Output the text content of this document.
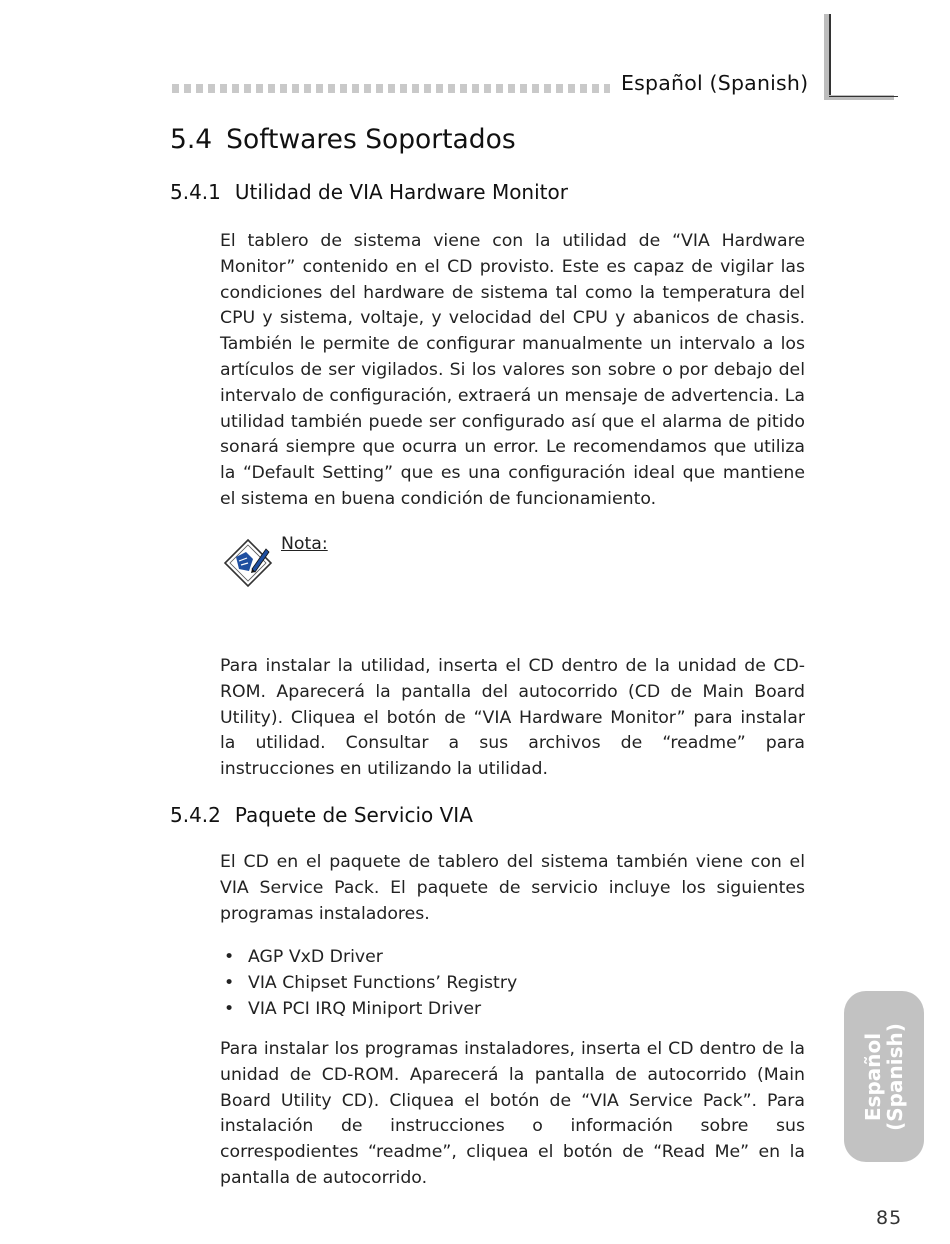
Español (Spanish)
5.4 Softwares Soportados
5.4.1 Utilidad de VIA Hardware Monitor

El tablero de sistema viene con la utilidad de “VIA Hardware Monitor” contenido en el CD provisto. Este es capaz de vigilar las condiciones del hardware de sistema tal como la temperatura del CPU y sistema, voltaje, y velocidad del CPU y abanicos de chasis. También le permite de configurar manualmente un intervalo a los artículos de ser vigilados. Si los valores son sobre o por debajo del intervalo de configuración, extraerá un mensaje de advertencia. La utilidad también puede ser configurado así que el alarma de pitido sonará siempre que ocurra un error. Le recomendamos que utiliza la “Default Setting” que es una configuración ideal que mantiene el sistema en buena condición de funcionamiento.

Nota:

Para instalar la utilidad, inserta el CD dentro de la unidad de CD-ROM. Aparecerá la pantalla del autocorrido (CD de Main Board Utility). Cliquea el botón de “VIA Hardware Monitor” para instalar la utilidad. Consultar a sus archivos de “readme” para instrucciones en utilizando la utilidad.

5.4.2 Paquete de Servicio VIA

El CD en el paquete de tablero del sistema también viene con el VIA Service Pack. El paquete de servicio incluye los siguientes programas instaladores.

• AGP VxD Driver
• VIA Chipset Functions’ Registry
• VIA PCI IRQ Miniport Driver

Para instalar los programas instaladores, inserta el CD dentro de la unidad de CD-ROM. Aparecerá la pantalla de autocorrido (Main Board Utility CD). Cliquea el botón de “VIA Service Pack”. Para instalación de instrucciones o información sobre sus correspodientes “readme”, cliquea el botón de “Read Me” en la pantalla de autocorrido.

Español
(Spanish)
85
